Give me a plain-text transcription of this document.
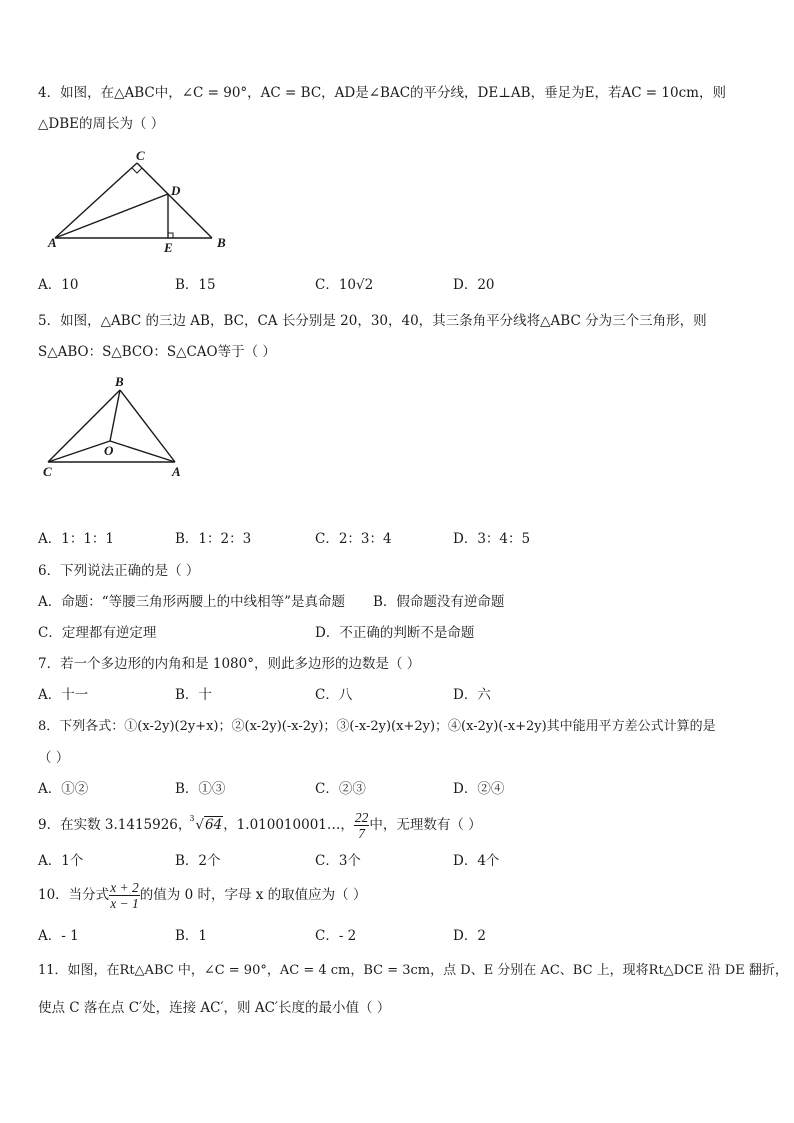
4．如图，在△ABC中，∠C = 90°，AC = BC，AD是∠BAC的平分线，DE⊥AB，垂足为E，若AC = 10cm，则
△DBE的周长为（ ）
C
D
A	E	B
A．10	B．15	C．10√2	D．20
5．如图，△ABC 的三边 AB，BC，CA 长分别是 20，30，40，其三条角平分线将△ABC 分为三个三角形，则
S△ABO：S△BCO：S△CAO等于（ ）
B
O
C	A
A．1：1：1	B．1：2：3	C．2：3：4	D．3：4：5
6．下列说法正确的是（ ）
A．命题：“等腰三角形两腰上的中线相等”是真命题 B．假命题没有逆命题
C．定理都有逆定理	D．不正确的判断不是命题
7．若一个多边形的内角和是 1080°，则此多边形的边数是（ ）
A．十一	B．十	C．八	D．六
8．下列各式：①(x-2y)(2y+x)；②(x-2y)(-x-2y)；③(-x-2y)(x+2y)；④(x-2y)(-x+2y)其中能用平方差公式计算的是
（ ）
A．①②	B．①③	C．②③	D．②④
9．在实数 3.1415926，
3 √64，1.010010001…， $\frac{22}{7}$ 中，无理数有（ ）
A．1个	B．2个	C．3个	D．4个
10．当分式 $\frac{x + 2}{x - 1}$ 的值为 0 时，字母 x 的取值应为（ ）
A．- 1	B．1	C．- 2	D．2
11．如图，在Rt△ABC 中，∠C = 90°，AC = 4 cm，BC = 3cm，点 D、E 分别在 AC、BC 上，现将Rt△DCE 沿 DE 翻折，
使点 C 落在点 C′处，连接 AC′，则 AC′长度的最小值（ ）
